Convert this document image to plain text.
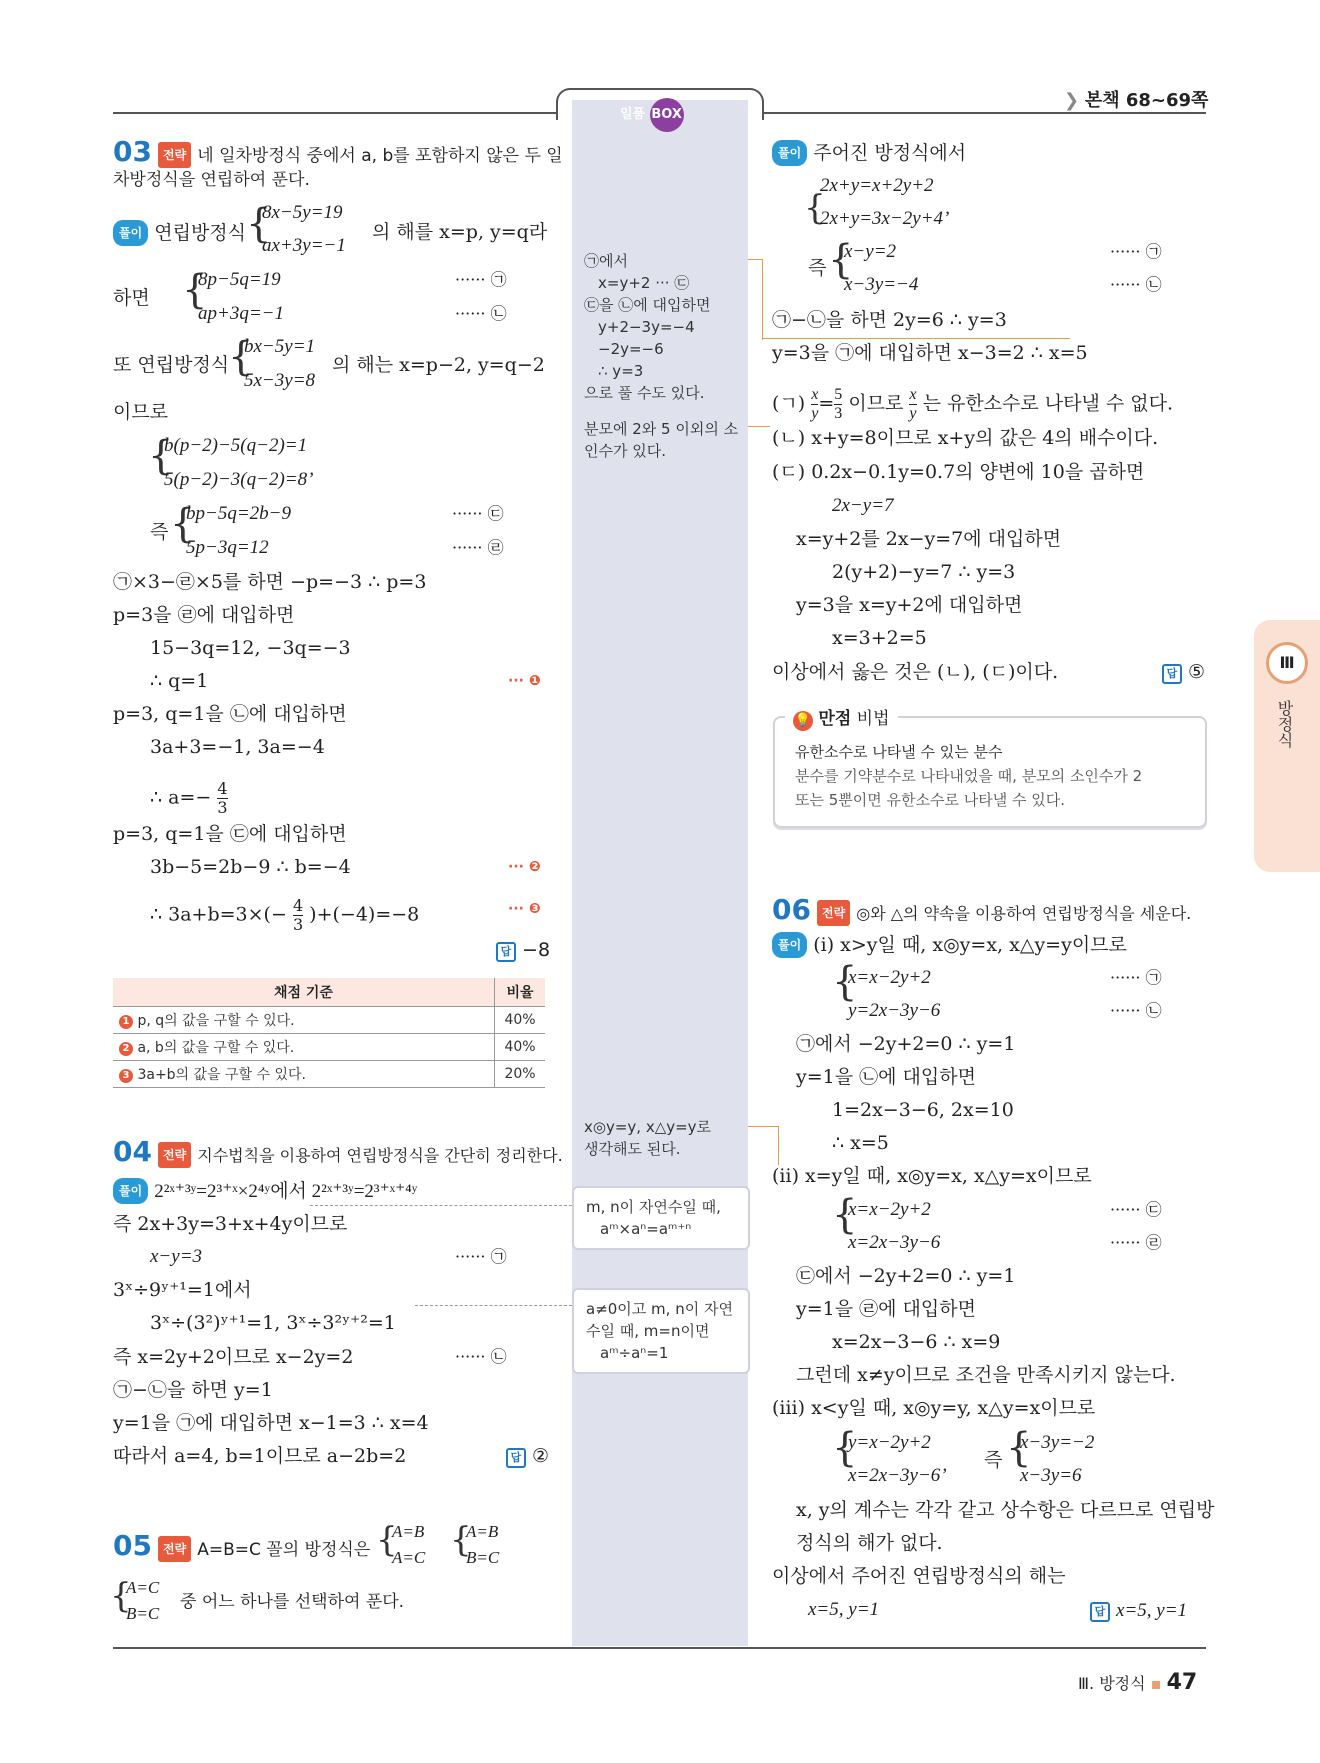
일품 BOX
❯ 본책 68~69쪽
Ⅲ
방정식
03 전략 네 일차방정식 중에서 a, b를 포함하지 않은 두 일
차방정식을 연립하여 푼다.
풀이 연립방정식 {
8x−5y=19
ax+3y=−1
의 해를 x=p, y=q라
하면 {
8p−5q=19
ap+3q=−1
······ ㉠
······ ㉡
또 연립방정식
{
bx−5y=1
5x−3y=8
의 해는 x=p−2, y=q−2
이므로
{
b(p−2)−5(q−2)=1
5(p−2)−3(q−2)=8’
즉 {
bp−5q=2b−9
5p−3q=12
······ ㉢
······ ㉣
㉠×3−㉣×5를 하면 −p=−3 ∴ p=3
p=3을 ㉣에 대입하면
15−3q=12, −3q=−3
∴ q=1	··· ❶
p=3, q=1을 ㉡에 대입하면
3a+3=−1, 3a=−4
∴ $a=- \frac{4}{3}$
p=3, q=1을 ㉢에 대입하면
3b−5=2b−9 ∴ b=−4	··· ❷
∴ $3a+b=3\times(- \frac{4}{3} )+(-4)=-8$	··· ❸
답 −8
채점 기준	비율
1 p, q의 값을 구할 수 있다.	40%
2 a, b의 값을 구할 수 있다.	40%
3 3a+b의 값을 구할 수 있다.	20%
04 전략 지수법칙을 이용하여 연립방정식을 간단히 정리한다.
풀이 2²ˣ⁺³ʸ=2³⁺ˣ×2⁴ʸ에서 2²ˣ⁺³ʸ=2³⁺ˣ⁺⁴ʸ
즉 2x+3y=3+x+4y이므로
x−y=3	······ ㉠
3ˣ÷9ʸ⁺¹=1에서
3ˣ÷(3²)ʸ⁺¹=1, 3ˣ÷3²ʸ⁺²=1
즉 x=2y+2이므로 x−2y=2	······ ㉡
㉠−㉡을 하면 y=1
y=1을 ㉠에 대입하면 x−1=3 ∴ x=4
따라서 a=4, b=1이므로 a−2b=2	답 ②
05 전략 A=B=C 꼴의 방정식은 {
A=B
A=C {
A=B
B=C
{
A=C
B=C
중 어느 하나를 선택하여 푼다.
㉠에서
x=y+2 ··· ㉢
㉢을 ㉡에 대입하면
y+2−3y=−4
−2y=−6
∴ y=3
으로 풀 수도 있다.
분모에 2와 5 이외의 소
인수가 있다.
x◎y=y, x△y=y로
생각해도 된다.
m, n이 자연수일 때,
aᵐ×aⁿ=aᵐ⁺ⁿ
a≠0이고 m, n이 자연
수일 때, m=n이면
aᵐ÷aⁿ=1
풀이 주어진 방정식에서
{
2x+y=x+2y+2
2x+y=3x−2y+4’
즉 {
x−y=2
x−3y=−4
······ ㉠
······ ㉡
㉠−㉡을 하면 2y=6 ∴ y=3
y=3을 ㉠에 대입하면 x−3=2 ∴ x=5
(ㄱ) $\frac{x}{y} = \frac{5}{3}$ 이므로 $\frac{x}{y}$ 는 유한소수로 나타낼 수 없다.
(ㄴ) x+y=8이므로 x+y의 값은 4의 배수이다.
(ㄷ) 0.2x−0.1y=0.7의 양변에 10을 곱하면
2x−y=7
x=y+2를 2x−y=7에 대입하면
2(y+2)−y=7 ∴ y=3
y=3을 x=y+2에 대입하면
x=3+2=5
이상에서 옳은 것은 (ㄴ), (ㄷ)이다.	답 ⑤
💡 만점 비법
유한소수로 나타낼 수 있는 분수
분수를 기약분수로 나타내었을 때, 분모의 소인수가 2
또는 5뿐이면 유한소수로 나타낼 수 있다.
06 전략 ◎와 △의 약속을 이용하여 연립방정식을 세운다.
풀이 (ⅰ) x>y일 때, x◎y=x, x△y=y이므로
{
x=x−2y+2
y=2x−3y−6
······ ㉠
······ ㉡
㉠에서 −2y+2=0 ∴ y=1
y=1을 ㉡에 대입하면
1=2x−3−6, 2x=10
∴ x=5
(ⅱ) x=y일 때, x◎y=x, x△y=x이므로
{
x=x−2y+2
x=2x−3y−6
······ ㉢
······ ㉣
㉢에서 −2y+2=0 ∴ y=1
y=1을 ㉣에 대입하면
x=2x−3−6 ∴ x=9
그런데 x≠y이므로 조건을 만족시키지 않는다.
(ⅲ) x<y일 때, x◎y=y, x△y=x이므로
{
y=x−2y+2
x=2x−3y−6’
즉 {
x−3y=−2
x−3y=6
x, y의 계수는 각각 같고 상수항은 다르므로 연립방
정식의 해가 없다.
이상에서 주어진 연립방정식의 해는
x=5, y=1	답 x=5, y=1
Ⅲ. 방정식 ▪ 47
